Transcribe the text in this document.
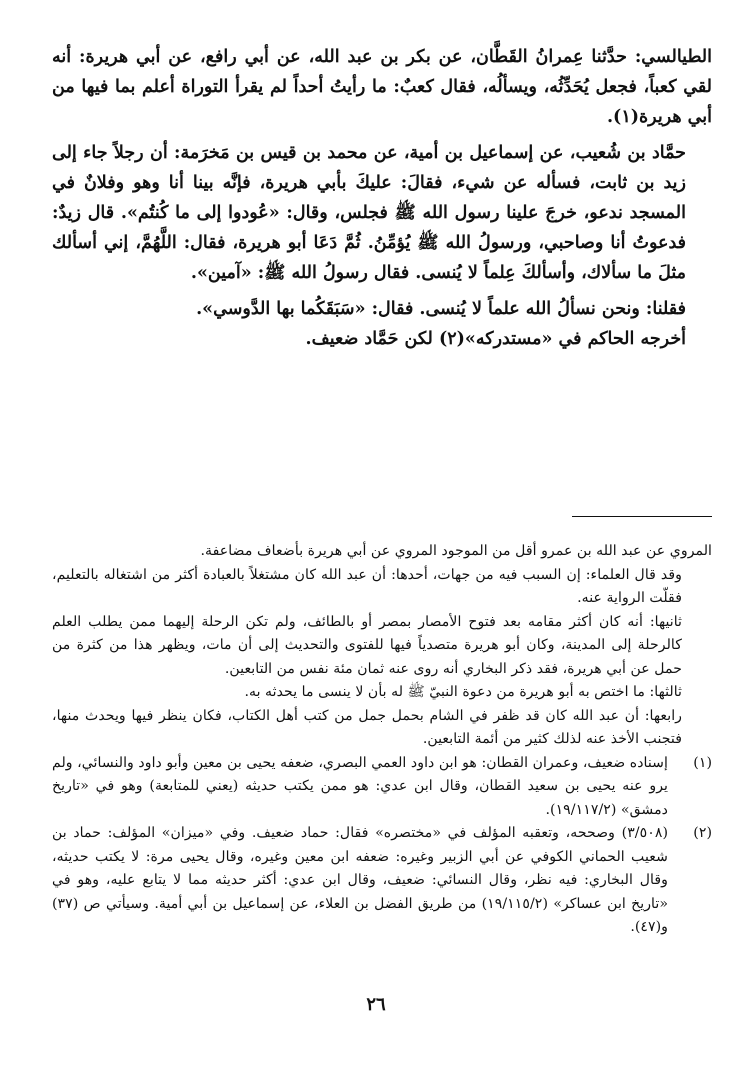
الطيالسي: حدَّثنا عِمرانُ القَطَّان، عن بكر بن عبد الله، عن أبي رافع، عن أبي هريرة: أنه لقي كعباً، فجعل يُحَدِّثُه، ويسألُه، فقال كعبٌ: ما رأيتُ أحداً لم يقرأ التوراة أعلم بما فيها من أبي هريرة(١).

حمَّاد بن شُعيب، عن إسماعيل بن أمية، عن محمد بن قيس بن مَخرَمة: أن رجلاً جاء إلى زيد بن ثابت، فسأله عن شيء، فقالَ: عليكَ بأبي هريرة، فإنَّه بينا أنا وهو وفلانٌ في المسجد ندعو، خرجَ علينا رسول الله ﷺ فجلس، وقال: «عُودوا إلى ما كُنتُم». قال زيدٌ: فدعوتُ أنا وصاحبي، ورسولُ الله ﷺ يُؤمِّنُ. ثُمَّ دَعَا أبو هريرة، فقال: اللَّهُمَّ، إني أسألك مثلَ ما سألاك، وأسألكَ عِلماً لا يُنسى. فقال رسولُ الله ﷺ: «آمين».

فقلنا: ونحن نسألُ الله علماً لا يُنسى. فقال: «سَبَقَكُما بها الدَّوسي».

أخرجه الحاكم في «مستدركه»(٢) لكن حَمَّاد ضعيف.

المروي عن عبد الله بن عمرو أقل من الموجود المروي عن أبي هريرة بأضعاف مضاعفة.

وقد قال العلماء: إن السبب فيه من جهات، أحدها: أن عبد الله كان مشتغلاً بالعبادة أكثر من اشتغاله بالتعليم، فقلّت الرواية عنه.

ثانيها: أنه كان أكثر مقامه بعد فتوح الأمصار بمصر أو بالطائف، ولم تكن الرحلة إليهما ممن يطلب العلم كالرحلة إلى المدينة، وكان أبو هريرة متصدياً فيها للفتوى والتحديث إلى أن مات، ويظهر هذا من كثرة من حمل عن أبي هريرة، فقد ذكر البخاري أنه روى عنه ثمان مئة نفس من التابعين.

ثالثها: ما اختص به أبو هريرة من دعوة النبيّ ﷺ له بأن لا ينسى ما يحدثه به.

رابعها: أن عبد الله كان قد ظفر في الشام بحمل جمل من كتب أهل الكتاب، فكان ينظر فيها ويحدث منها، فتجنب الأخذ عنه لذلك كثير من أئمة التابعين.

(١)
إسناده ضعيف، وعمران القطان: هو ابن داود العمي البصري، ضعفه يحيى بن معين وأبو داود والنسائي، ولم يرو عنه يحيى بن سعيد القطان، وقال ابن عدي: هو ممن يكتب حديثه (يعني للمتابعة) وهو في «تاريخ دمشق» (١٩/١١٧/٢).
(٢)
(٣/٥٠٨) وصححه، وتعقبه المؤلف في «مختصره» فقال: حماد ضعيف. وفي «ميزان» المؤلف: حماد بن شعيب الحماني الكوفي عن أبي الزبير وغيره: ضعفه ابن معين وغيره، وقال يحيى مرة: لا يكتب حديثه، وقال البخاري: فيه نظر، وقال النسائي: ضعيف، وقال ابن عدي: أكثر حديثه مما لا يتابع عليه، وهو في «تاريخ ابن عساكر» (١٩/١١٥/٢) من طريق الفضل بن العلاء، عن إسماعيل بن أبي أمية. وسيأتي ص (٣٧) و(٤٧).
٢٦
